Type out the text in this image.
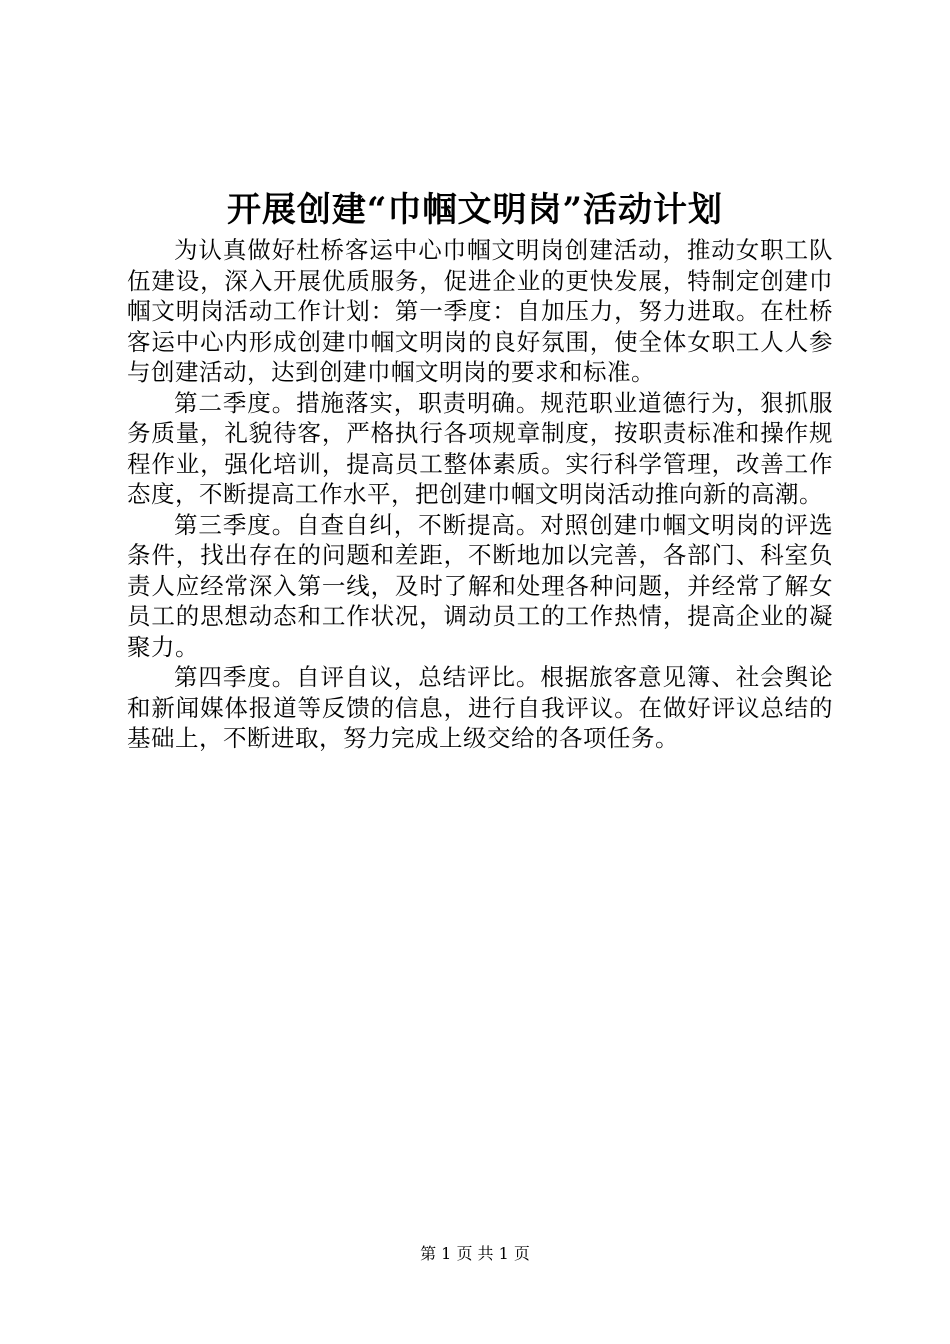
开展创建“巾帼文明岗”活动计划

为认真做好杜桥客运中心巾帼文明岗创建活动，推动女职工队伍建设，深入开展优质服务，促进企业的更快发展，特制定创建巾帼文明岗活动工作计划：第一季度：自加压力，努力进取。在杜桥客运中心内形成创建巾帼文明岗的良好氛围，使全体女职工人人参与创建活动，达到创建巾帼文明岗的要求和标准。

第二季度。措施落实，职责明确。规范职业道德行为，狠抓服务质量，礼貌待客，严格执行各项规章制度，按职责标准和操作规程作业，强化培训，提高员工整体素质。实行科学管理，改善工作态度，不断提高工作水平，把创建巾帼文明岗活动推向新的高潮。

第三季度。自查自纠，不断提高。对照创建巾帼文明岗的评选条件，找出存在的问题和差距，不断地加以完善，各部门、科室负责人应经常深入第一线，及时了解和处理各种问题，并经常了解女员工的思想动态和工作状况，调动员工的工作热情，提高企业的凝聚力。

第四季度。自评自议，总结评比。根据旅客意见簿、社会舆论和新闻媒体报道等反馈的信息，进行自我评议。在做好评议总结的基础上，不断进取，努力完成上级交给的各项任务。

第 1 页 共 1 页
